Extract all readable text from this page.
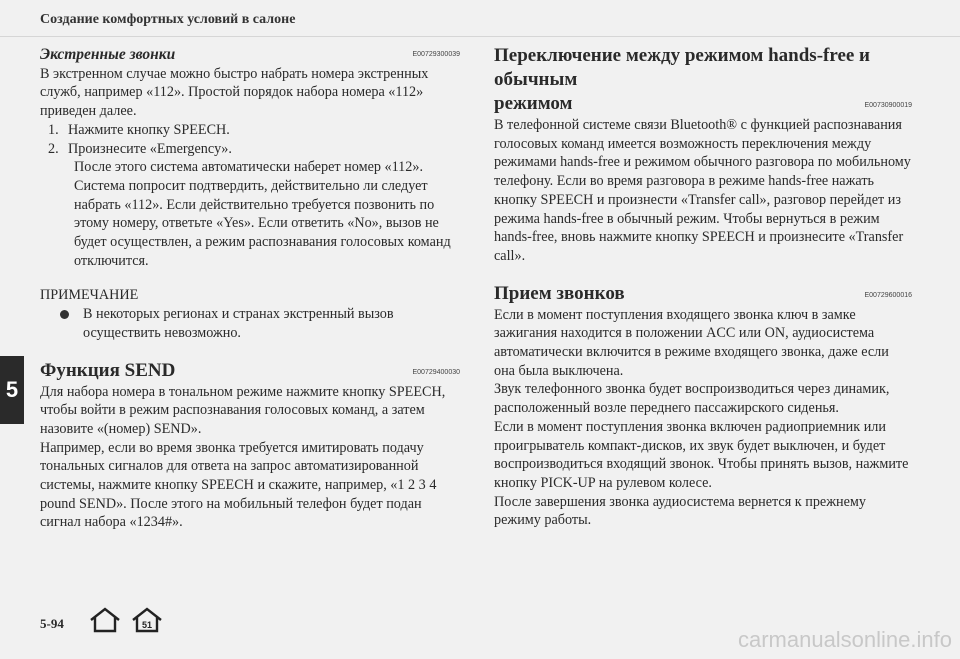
Создание комфортных условий в салоне
Экстренные звонки	E00729300039

В экстренном случае можно быстро набрать номера экстренных служб, например «112». Простой порядок набора номера «112» приведен далее.

1. Нажмите кнопку SPEECH.
2. Произнесите «Emergency».

После этого система автоматически наберет номер «112». Система попросит подтвердить, действительно ли следует набрать «112». Если действительно требуется позвонить по этому номеру, ответьте «Yes». Если ответить «No», вызов не будет осуществлен, а режим распознавания голосовых команд отключится.

ПРИМЕЧАНИЕ

В некоторых регионах и странах экстренный вызов осуществить невозможно.
Функция SEND	E00729400030

Для набора номера в тональном режиме нажмите кнопку SPEECH, чтобы войти в режим распознавания голосовых команд, а затем назовите «(номер) SEND».

Например, если во время звонка требуется имитировать подачу тональных сигналов для ответа на запрос автоматизированной системы, нажмите кнопку SPEECH и скажите, например, «1 2 3 4 pound SEND». После этого на мобильный телефон будет подан сигнал набора «1234#».

Переключение между режимом hands-free и обычным
режимом	E00730900019

В телефонной системе связи Bluetooth® с функцией распознавания голосовых команд имеется возможность переключения между режимами hands-free и режимом обычного разговора по мобильному телефону. Если во время разговора в режиме hands-free нажать кнопку SPEECH и произнести «Transfer call», разговор перейдет из режима hands-free в обычный режим. Чтобы вернуться в режим hands-free, вновь нажмите кнопку SPEECH и произнесите «Transfer call».

Прием звонков	E00729600016

Если в момент поступления входящего звонка ключ в замке зажигания находится в положении ACC или ON, аудиосистема автоматически включится в режиме входящего звонка, даже если она была выключена.

Звук телефонного звонка будет воспроизводиться через динамик, расположенный возле переднего пассажирского сиденья.

Если в момент поступления звонка включен радиоприемник или проигрыватель компакт-дисков, их звук будет выключен, и будет воспроизводиться входящий звонок. Чтобы принять вызов, нажмите кнопку PICK-UP на рулевом колесе.

После завершения звонка аудиосистема вернется к прежнему режиму работы.

5
5-94	51
carmanualsonline.info
